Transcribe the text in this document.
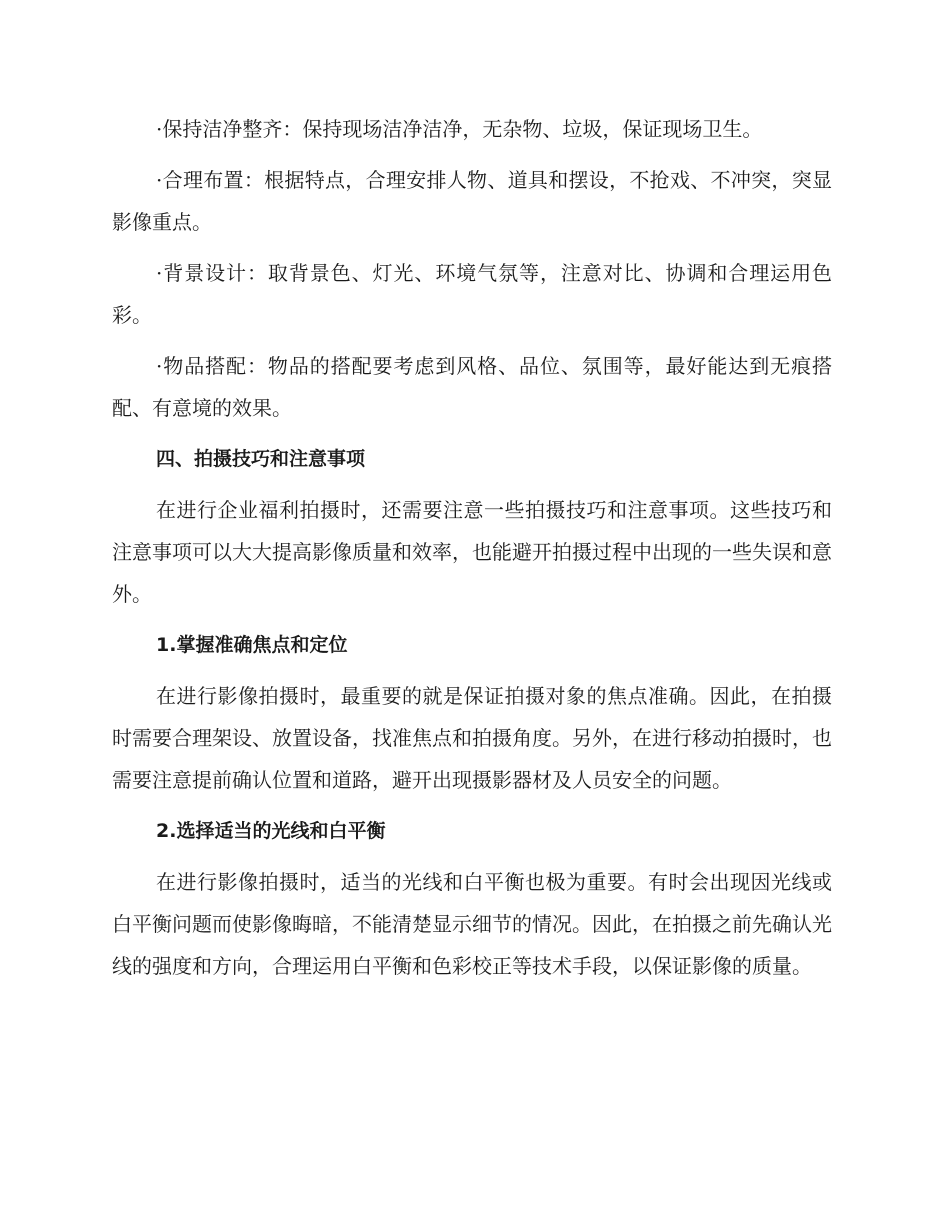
·保持洁净整齐：保持现场洁净洁净，无杂物、垃圾，保证现场卫生。

·合理布置：根据特点，合理安排人物、道具和摆设，不抢戏、不冲突，突显影像重点。

·背景设计：取背景色、灯光、环境气氛等，注意对比、协调和合理运用色彩。

·物品搭配：物品的搭配要考虑到风格、品位、氛围等，最好能达到无痕搭配、有意境的效果。

四、拍摄技巧和注意事项

在进行企业福利拍摄时，还需要注意一些拍摄技巧和注意事项。这些技巧和注意事项可以大大提高影像质量和效率，也能避开拍摄过程中出现的一些失误和意外。

1.掌握准确焦点和定位

在进行影像拍摄时，最重要的就是保证拍摄对象的焦点准确。因此，在拍摄时需要合理架设、放置设备，找准焦点和拍摄角度。另外，在进行移动拍摄时，也需要注意提前确认位置和道路，避开出现摄影器材及人员安全的问题。

2.选择适当的光线和白平衡

在进行影像拍摄时，适当的光线和白平衡也极为重要。有时会出现因光线或白平衡问题而使影像晦暗，不能清楚显示细节的情况。因此，在拍摄之前先确认光线的强度和方向，合理运用白平衡和色彩校正等技术手段，以保证影像的质量。
